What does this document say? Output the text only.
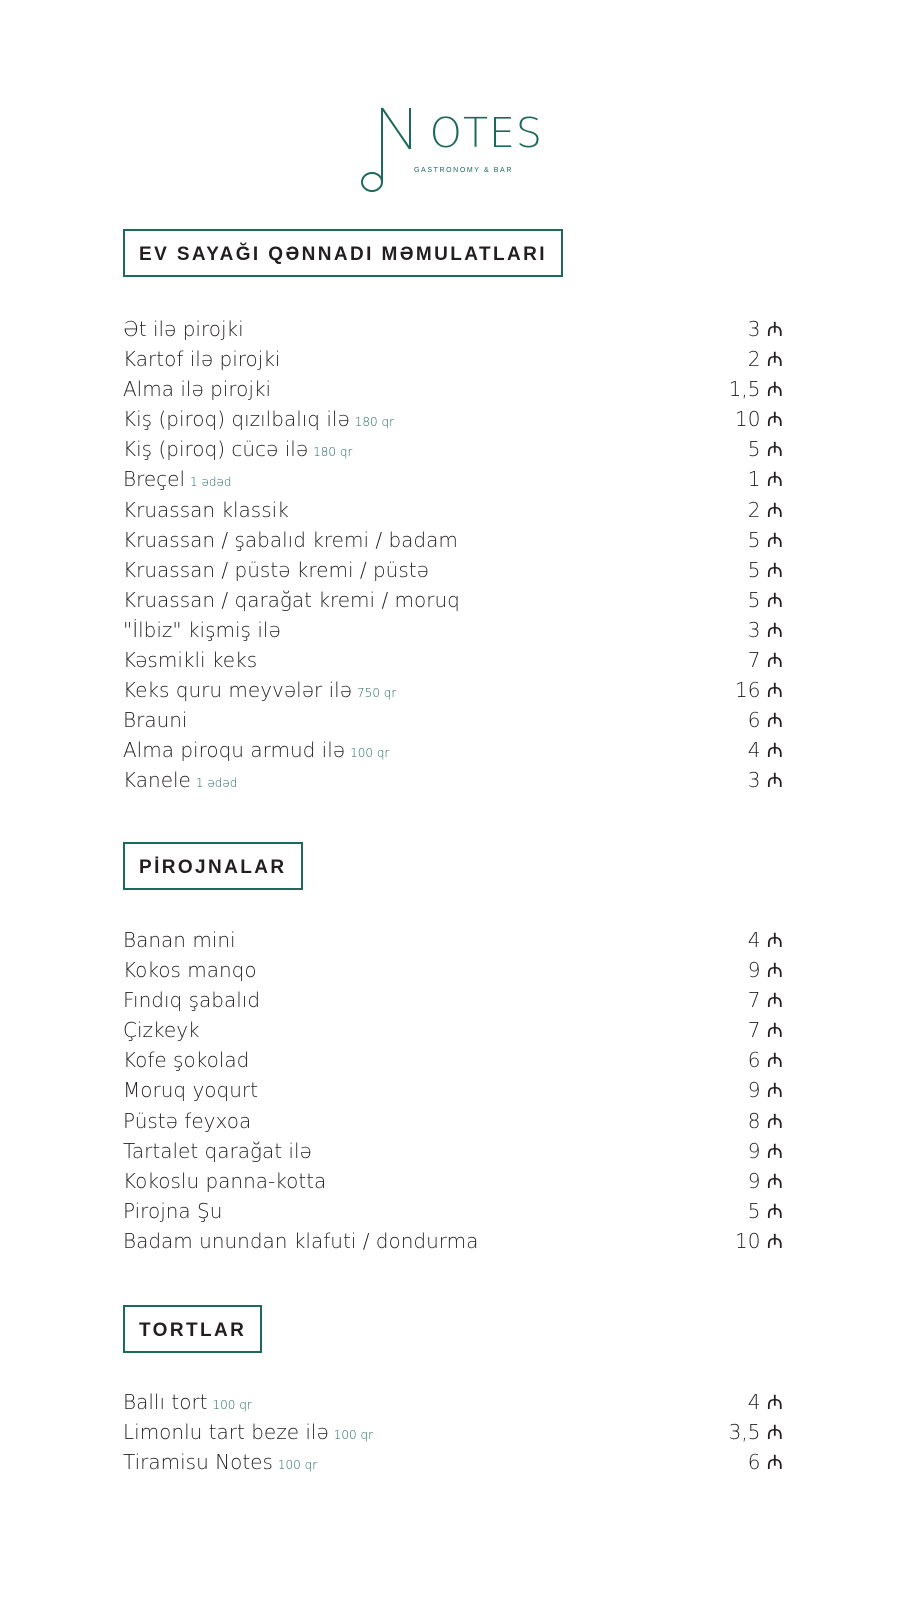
OTES
GASTRONOMY & BAR
EV SAYAĞI QƏNNADI MƏMULATLARI
Ət ilə pirojki	3 ₼
Kartof ilə pirojki	2 ₼
Alma ilə pirojki	1,5 ₼
Kiş (piroq) qızılbalıq ilə 180 qr	10 ₼
Kiş (piroq) cücə ilə 180 qr	5 ₼
Breçel 1 ədəd	1 ₼
Kruassan klassik	2 ₼
Kruassan / şabalıd kremi / badam	5 ₼
Kruassan / püstə kremi / püstə	5 ₼
Kruassan / qarağat kremi / moruq	5 ₼
"İlbiz" kişmiş ilə	3 ₼
Kəsmikli keks	7 ₼
Keks quru meyvələr ilə 750 qr	16 ₼
Brauni	6 ₼
Alma piroqu armud ilə 100 qr	4 ₼
Kanele 1 ədəd	3 ₼
PİROJNALAR
Banan mini	4 ₼
Kokos manqo	9 ₼
Fındıq şabalıd	7 ₼
Çizkeyk	7 ₼
Kofe şokolad	6 ₼
Moruq yoqurt	9 ₼
Püstə feyxoa	8 ₼
Tartalet qarağat ilə	9 ₼
Kokoslu panna-kotta	9 ₼
Pirojna Şu	5 ₼
Badam unundan klafuti / dondurma	10 ₼
TORTLAR
Ballı tort 100 qr	4 ₼
Limonlu tart beze ilə 100 qr	3,5 ₼
Tiramisu Notes 100 qr	6 ₼
